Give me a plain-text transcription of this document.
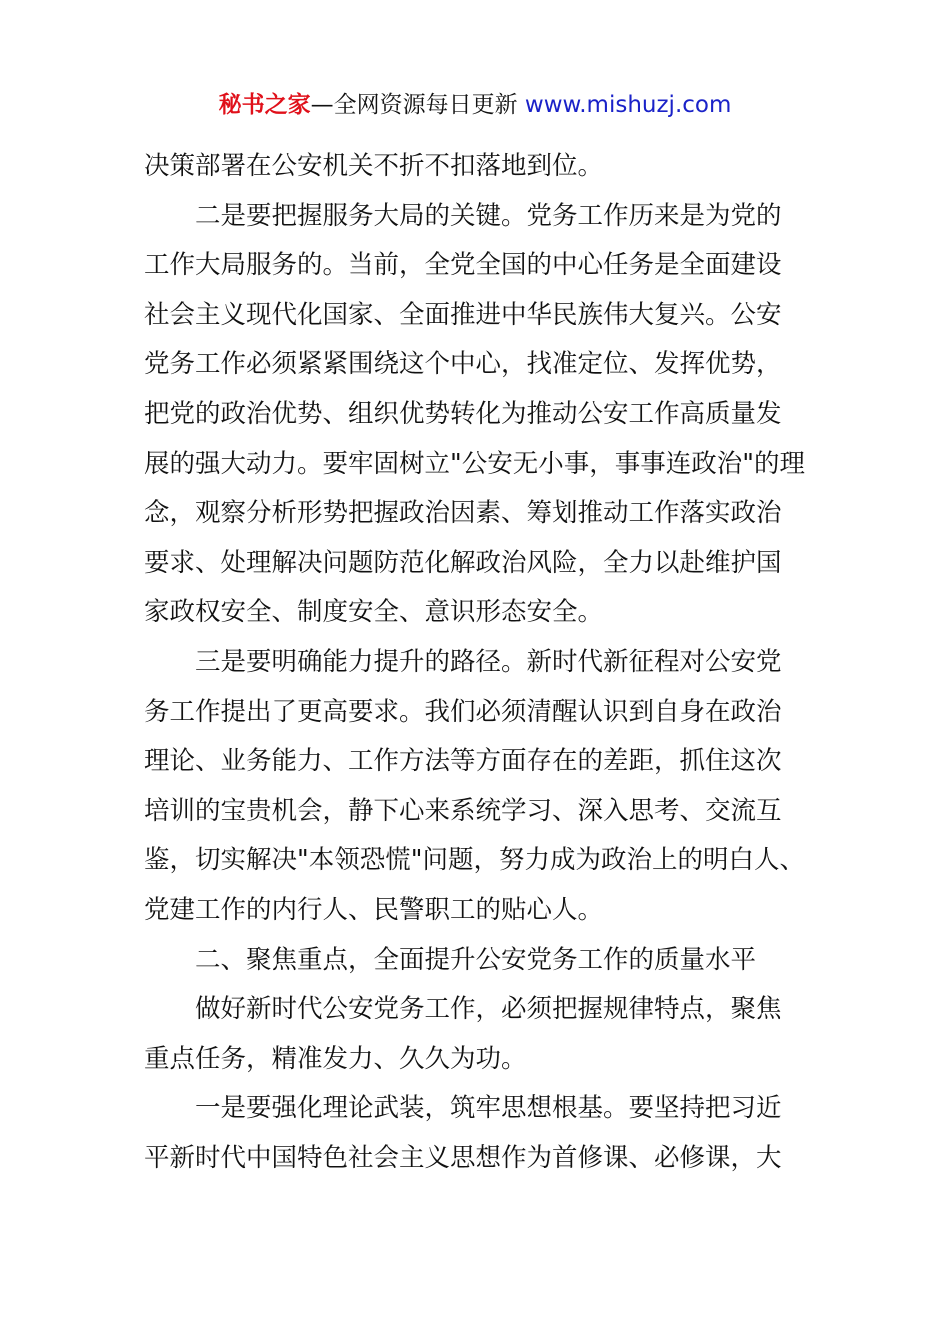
秘书之家—全网资源每日更新 www.mishuzj.com
决策部署在公安机关不折不扣落地到位。
二是要把握服务大局的关键。党务工作历来是为党的
工作大局服务的。当前，全党全国的中心任务是全面建设
社会主义现代化国家、全面推进中华民族伟大复兴。公安
党务工作必须紧紧围绕这个中心，找准定位、发挥优势，
把党的政治优势、组织优势转化为推动公安工作高质量发
展的强大动力。要牢固树立"公安无小事，事事连政治"的理
念，观察分析形势把握政治因素、筹划推动工作落实政治
要求、处理解决问题防范化解政治风险，全力以赴维护国
家政权安全、制度安全、意识形态安全。
三是要明确能力提升的路径。新时代新征程对公安党
务工作提出了更高要求。我们必须清醒认识到自身在政治
理论、业务能力、工作方法等方面存在的差距，抓住这次
培训的宝贵机会，静下心来系统学习、深入思考、交流互
鉴，切实解决"本领恐慌"问题，努力成为政治上的明白人、
党建工作的内行人、民警职工的贴心人。
二、聚焦重点，全面提升公安党务工作的质量水平
做好新时代公安党务工作，必须把握规律特点，聚焦
重点任务，精准发力、久久为功。
一是要强化理论武装，筑牢思想根基。要坚持把习近
平新时代中国特色社会主义思想作为首修课、必修课，大
